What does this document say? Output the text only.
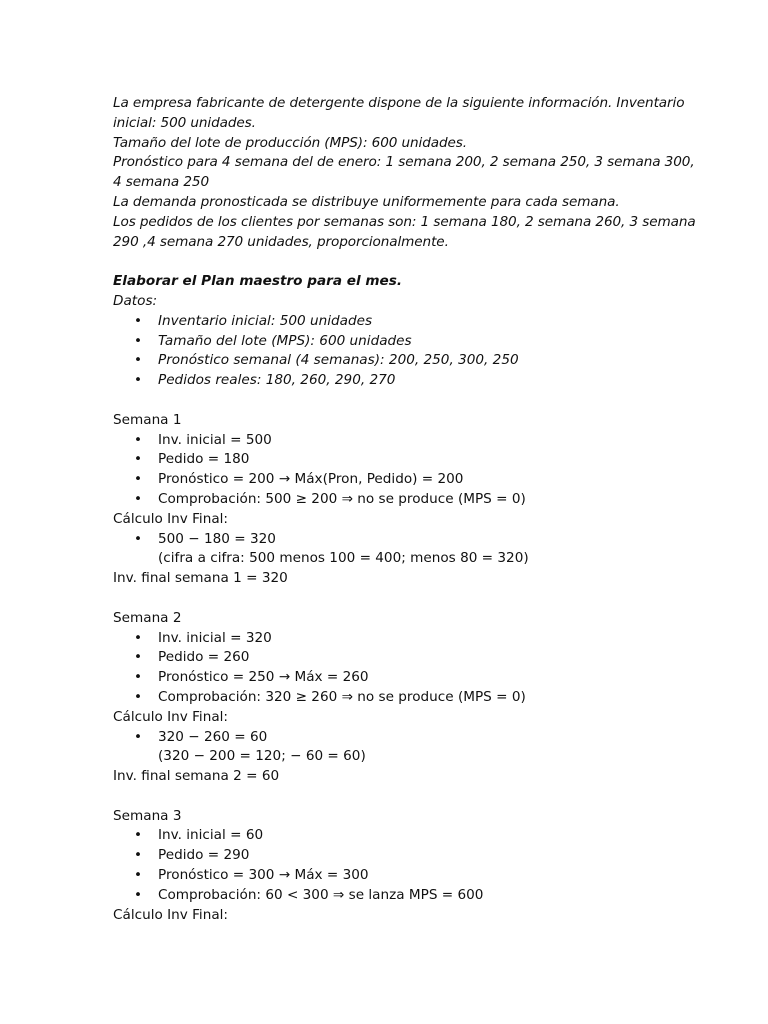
La empresa fabricante de detergente dispone de la siguiente información. Inventario

inicial: 500 unidades.

Tamaño del lote de producción (MPS): 600 unidades.

Pronóstico para 4 semana del de enero: 1 semana 200, 2 semana 250, 3 semana 300,

4 semana 250

La demanda pronosticada se distribuye uniformemente para cada semana.

Los pedidos de los clientes por semanas son: 1 semana 180, 2 semana 260, 3 semana

290 ,4 semana 270 unidades, proporcionalmente.

Elaborar el Plan maestro para el mes.

Datos:

• Inventario inicial: 500 unidades
• Tamaño del lote (MPS): 600 unidades
• Pronóstico semanal (4 semanas): 200, 250, 300, 250
• Pedidos reales: 180, 260, 290, 270

Semana 1

• Inv. inicial = 500
• Pedido = 180
• Pronóstico = 200 → Máx(Pron, Pedido) = 200
• Comprobación: 500 ≥ 200 ⇒ no se produce (MPS = 0)

Cálculo Inv Final:

• 500 − 180 = 320

(cifra a cifra: 500 menos 100 = 400; menos 80 = 320)

Inv. final semana 1 = 320

Semana 2

• Inv. inicial = 320
• Pedido = 260
• Pronóstico = 250 → Máx = 260
• Comprobación: 320 ≥ 260 ⇒ no se produce (MPS = 0)

Cálculo Inv Final:

• 320 − 260 = 60

(320 − 200 = 120; − 60 = 60)

Inv. final semana 2 = 60

Semana 3

• Inv. inicial = 60
• Pedido = 290
• Pronóstico = 300 → Máx = 300
• Comprobación: 60 < 300 ⇒ se lanza MPS = 600

Cálculo Inv Final:
